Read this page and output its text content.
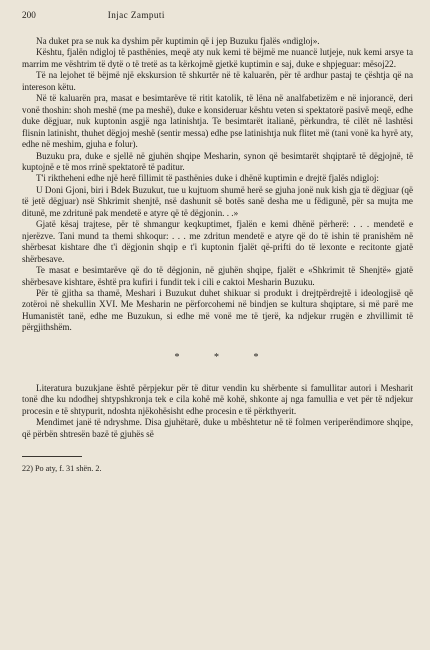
200	Injac Zamputi

Na duket pra se nuk ka dyshim për kuptimin që i jep Buzuku fjalës «ndigloj».

Kështu, fjalën ndigloj të pasthënies, meqë aty nuk kemi të bëjmë me nuancë lutjeje, nuk kemi arsye ta marrim me vështrim të dytë o të tretë as ta kërkojmë gjetkë kuptimin e saj, duke e shpjeguar: mësoj22.

Të na lejohet të bëjmë një ekskursion të shkurtër në të kaluarën, për të ardhur pastaj te çështja që na intereson këtu.

Në të kaluarën pra, masat e besimtarëve të ritit katolik, të lëna në analfabetizëm e në injorancë, deri vonë thoshin: shoh meshë (me pa meshë), duke e konsideruar kështu veten si spektatorë pasivë meqë, edhe duke dëgjuar, nuk kuptonin asgjë nga latinishtja. Te besimtarët italianë, përkundra, të cilët në lashtësi flisnin latinisht, thuhet dëgjoj meshë (sentir messa) edhe pse latinishtja nuk flitet më (tani vonë ka hyrë aty, edhe në meshim, gjuha e folur).

Buzuku pra, duke e sjellë në gjuhën shqipe Mesharin, synon që besimtarët shqiptarë të dëgjojnë, të kuptojnë e të mos rrinë spektatorë të paditur.

T'i riktheheni edhe një herë fillimit të pasthënies duke i dhënë kuptimin e drejtë fjalës ndigloj:

U Doni Gjoni, biri i Bdek Buzukut, tue u kujtuom shumë herë se gjuha jonë nuk kish gja të dëgjuar (që të jetë dëgjuar) nsë Shkrimit shenjtë, nsë dashunit së botës sanë desha me u fëdigunë, për sa mujta me ditunë, me zdritunë pak mendetë e atyre që të dëgjonin. . .»

Gjatë kësaj trajtese, për të shmangur keqkuptimet, fjalën e kemi dhënë përherë: . . . mendetë e njerëzve. Tani mund ta themi shkoqur: . . . me zdritun mendetë e atyre që do të ishin të pranishëm në shërbesat kishtare dhe t'i dëgjonin shqip e t'i kuptonin fjalët që-prifti do të lexonte e recitonte gjatë shërbesave.

Te masat e besimtarëve që do të dëgjonin, në gjuhën shqipe, fjalët e «Shkrimit të Shenjtë» gjatë shërbesave kishtare, është pra kufiri i fundit tek i cili e caktoi Mesharin Buzuku.

Për të gjitha sa thamë, Meshari i Buzukut duhet shikuar si produkt i drejtpërdrejtë i ideologjisë që zotëroi në shekullin XVI. Me Mesharin ne përforcohemi në bindjen se kultura shqiptare, si më parë me Humanistët tanë, edhe me Buzukun, si edhe më vonë me të tjerë, ka ndjekur rrugën e zhvillimit të përgjithshëm.

* * *

Literatura buzukjane është përpjekur për të ditur vendin ku shërbente si famullitar autori i Mesharit tonë dhe ku ndodhej shtypshkronja tek e cila kohë më kohë, shkonte aj nga famullia e vet për të ndjekur procesin e të shtypurit, ndoshta njëkohësisht edhe procesin e të përkthyerit.

Mendimet janë të ndryshme. Disa gjuhëtarë, duke u mbështetur në të folmen veriperëndimore shqipe, që përbën shtresën bazë të gjuhës së

22) Po aty, f. 31 shën. 2.
